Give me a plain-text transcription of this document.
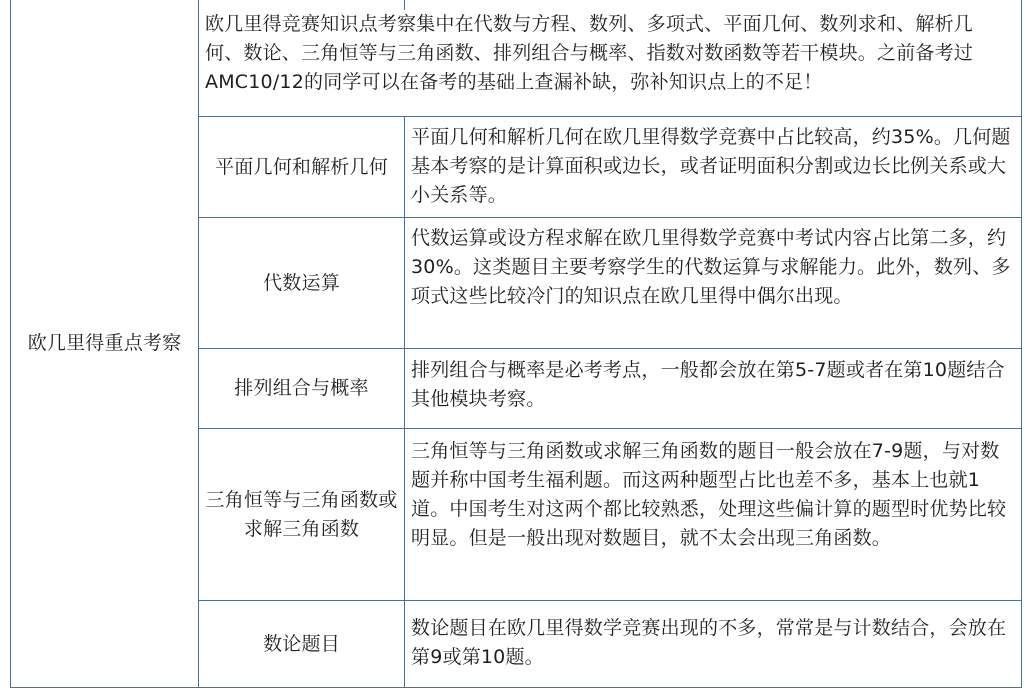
欧几里得重点考察
欧几里得竞赛知识点考察集中在代数与方程、数列、多项式、平面几何、数列求和、解析几何、数论、三角恒等与三角函数、排列组合与概率、指数对数函数等若干模块。之前备考过AMC10/12的同学可以在备考的基础上查漏补缺，弥补知识点上的不足！
平面几何和解析几何
平面几何和解析几何在欧几里得数学竞赛中占比较高，约35%。几何题基本考察的是计算面积或边长，或者证明面积分割或边长比例关系或大小关系等。
代数运算
代数运算或设方程求解在欧几里得数学竞赛中考试内容占比第二多，约30%。这类题目主要考察学生的代数运算与求解能力。此外，数列、多项式这些比较冷门的知识点在欧几里得中偶尔出现。
排列组合与概率
排列组合与概率是必考考点，一般都会放在第5-7题或者在第10题结合其他模块考察。
三角恒等与三角函数或求解三角函数
三角恒等与三角函数或求解三角函数的题目一般会放在7-9题，与对数题并称中国考生福利题。而这两种题型占比也差不多，基本上也就1道。中国考生对这两个都比较熟悉，处理这些偏计算的题型时优势比较明显。但是一般出现对数题目，就不太会出现三角函数。
数论题目
数论题目在欧几里得数学竞赛出现的不多，常常是与计数结合，会放在第9或第10题。
